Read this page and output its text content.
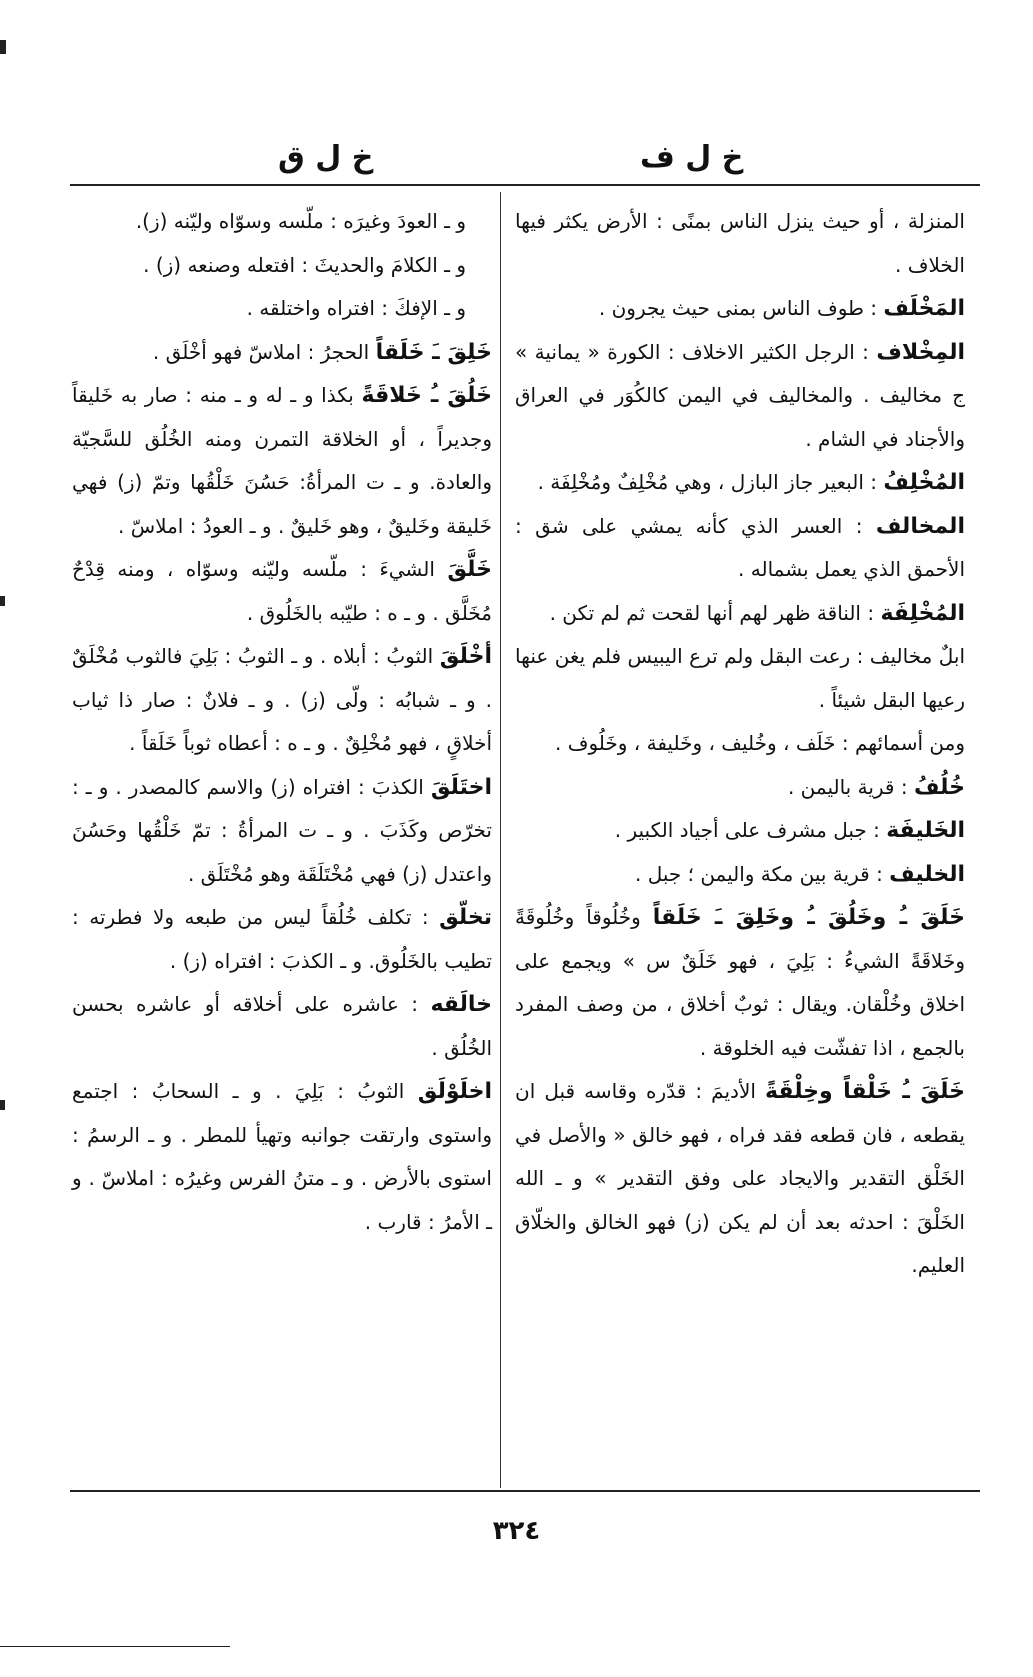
خ ل ف
خ ل ق

المنزلة ، أو حيث ينزل الناس بمنًى : الأرض يكثر فيها الخلاف .

المَخْلَف : طوف الناس بمنى حيث يجرون .

المِخْلاف : الرجل الكثير الاخلاف : الكورة « يمانية » ج مخاليف . والمخاليف في اليمن كالكُوَر في العراق والأجناد في الشام .

المُخْلِفُ : البعير جاز البازل ، وهي مُخْلِفٌ ومُخْلِفَة .

المخالف : العسر الذي كأنه يمشي على شق : الأحمق الذي يعمل بشماله .

المُخْلِفَة : الناقة ظهر لهم أنها لقحت ثم لم تكن .

ابلٌ مخاليف : رعت البقل ولم ترع اليبيس فلم يغن عنها رعيها البقل شيئاً .

ومن أسمائهم : خَلَف ، وخُليف ، وخَليفة ، وخَلُوف .

خُلُفُ : قرية باليمن .

الخَليفَة : جبل مشرف على أجياد الكبير .

الخليف : قرية بين مكة واليمن ؛ جبل .

خَلَقَ ـُ وخَلُقَ ـُ وخَلِقَ ـَ خَلَقاً وخُلُوقاً وخُلُوقَةً وخَلاقَةً الشيءُ : بَلِيَ ، فهو خَلَقٌ س » ويجمع على اخلاق وخُلْقان. ويقال : ثوبٌ أخلاق ، من وصف المفرد بالجمع ، اذا تفشّت فيه الخلوقة .

خَلَقَ ـُ خَلْقاً وخِلْقَةً الأديمَ : قدّره وقاسه قبل ان يقطعه ، فان قطعه فقد فراه ، فهو خالق « والأصل في الخَلْق التقدير والايجاد على وفق التقدير » و ـ الله الخَلْقَ : احدثه بعد أن لم يكن (ز) فهو الخالق والخلّاق العليم.

و ـ العودَ وغيرَه : ملّسه وسوّاه وليّنه (ز).

و ـ الكلامَ والحديثَ : افتعله وصنعه (ز) .

و ـ الإفكَ : افتراه واختلقه .

خَلِقَ ـَ خَلَقاً الحجرُ : املاسّ فهو أخْلَق .

خَلُقَ ـُ خَلاقَةً بكذا و ـ له و ـ منه : صار به خَليقاً وجديراً ، أو الخلاقة التمرن ومنه الخُلُق للسَّجيّة والعادة. و ـ ت المرأةُ: حَسُنَ خَلْقُها وتمّ (ز) فهي خَليقة وخَليقٌ ، وهو خَليقٌ . و ـ العودُ : املاسّ .

خَلَّقَ الشيءَ : ملّسه وليّنه وسوّاه ، ومنه قِدْحٌ مُخَلَّق . و ـ ه : طيّبه بالخَلُوق .

أخْلَقَ الثوبُ : أبلاه . و ـ الثوبُ : بَلِيَ فالثوب مُخْلَقٌ . و ـ شبابُه : ولّى (ز) . و ـ فلانٌ : صار ذا ثياب أخلاقٍ ، فهو مُخْلِقٌ . و ـ ه : أعطاه ثوباً خَلَقاً .

اختَلَقَ الكذبَ : افتراه (ز) والاسم كالمصدر . و ـ : تخرّص وكَذَبَ . و ـ ت المرأةُ : تمّ خَلْقُها وحَسُنَ واعتدل (ز) فهي مُخْتَلَقَة وهو مُخْتَلَق .

تخلّق : تكلف خُلُقاً ليس من طبعه ولا فطرته : تطيب بالخَلُوق. و ـ الكذبَ : افتراه (ز) .

خالَقه : عاشره على أخلاقه أو عاشره بحسن الخُلُق .

اخلَوْلَق الثوبُ : بَلِيَ . و ـ السحابُ : اجتمع واستوى وارتقت جوانبه وتهيأ للمطر . و ـ الرسمُ : استوى بالأرض . و ـ متنُ الفرس وغيرُه : املاسّ . و ـ الأمرُ : قارب .

٣٢٤
